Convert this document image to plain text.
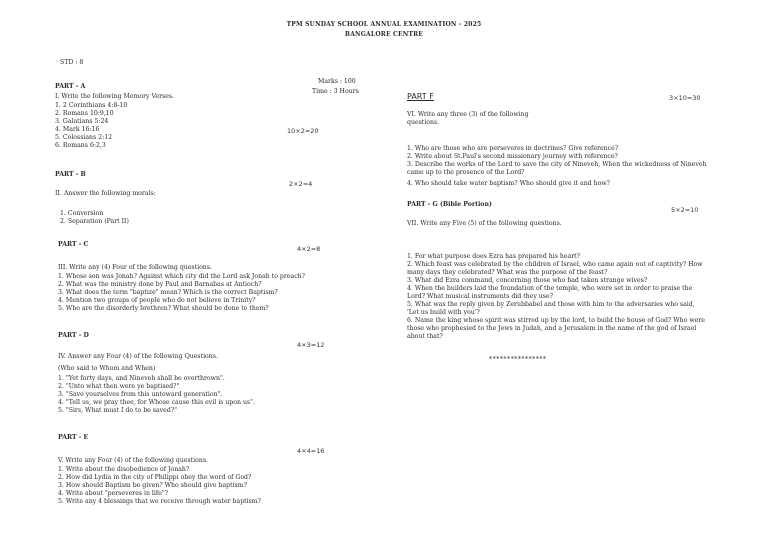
TPM SUNDAY SCHOOL ANNUAL EXAMINATION - 2025
BANGALORE CENTRE
STD : 8
Marks : 100
Time : 3 Hours
PART - A
I. Write the following Memory Verses.
1. 2 Corinthians 4:8-10
2. Romans 10:9,10
3. Galatians 5:24
4. Mark 16:16
5. Colossians 2:12
6. Romans 6:2,3
10×2=20
PART - B
2×2=4
II. Answer the following morals:
1. Conversion
2. Separation (Part II)
PART - C
4×2=8
III. Write any (4) Four of the following questions.
1. Whose son was Jonah? Against which city did the Lord ask Jonah to preach?
2. What was the ministry done by Paul and Barnabas at Antioch?
3. What does the term "baptize" mean? Which is the correct Baptism?
4. Mention two groups of people who do not believe in Trinity?
5. Who are the disorderly brethren? What should be done to them?
PART - D
4×3=12
IV. Answer any Four (4) of the following Questions.
(Who said to Whom and When)
1. "Yet forty days, and Nineveh shall be overthrown".
2. "Unto what then were ye baptised?"
3. "Save yourselves from this untoward generation".
4. "Tell us, we pray thee, for Whose cause this evil is upon us".
5. "Sirs, What must I do to be saved?"
PART - E
4×4=16
V. Write any Four (4) of the following questions.
1. Write about the disobedience of Jonah?
2. How did Lydia in the city of Philippi obey the word of God?
3. How should Baptism be given? Who should give baptism?
4. Write about "perseveres in life"?
5. Write any 4 blessings that we receive through water baptism?
PART F	3×10=30
VI. Write any three (3) of the following questions.
1. Who are those who are perseveres in doctrines? Give reference?
2. Write about St.Paul's second missionary journey with reference?
3. Describe the works of the Lord to save the city of Nineveh, When the wickedness of Nineveh came up to the presence of the Lord?
4. Who should take water baptism? Who should give it and how?
PART - G (Bible Portion)
5×2=10
VII. Write any Five (5) of the following questions.
1. For what purpose does Ezra has prepared his heart?
2. Which feast was celebrated by the children of Israel, who came again out of captivity? How many days they celebrated? What was the purpose of the feast?
3. What did Ezra command, concerning those who had taken strange wives?
4. When the builders laid the foundation of the temple, who were set in order to praise the Lord? What musical instruments did they use?
5. What was the reply given by Zerubbabel and those with him to the adversaries who said, 'Let us build with you'?
6. Name the king whose spirit was stirred up by the lord, to build the house of God? Who were those who prophesied to the Jews in Judah, and a Jerusalem in the name of the god of Israel about that?
****************
